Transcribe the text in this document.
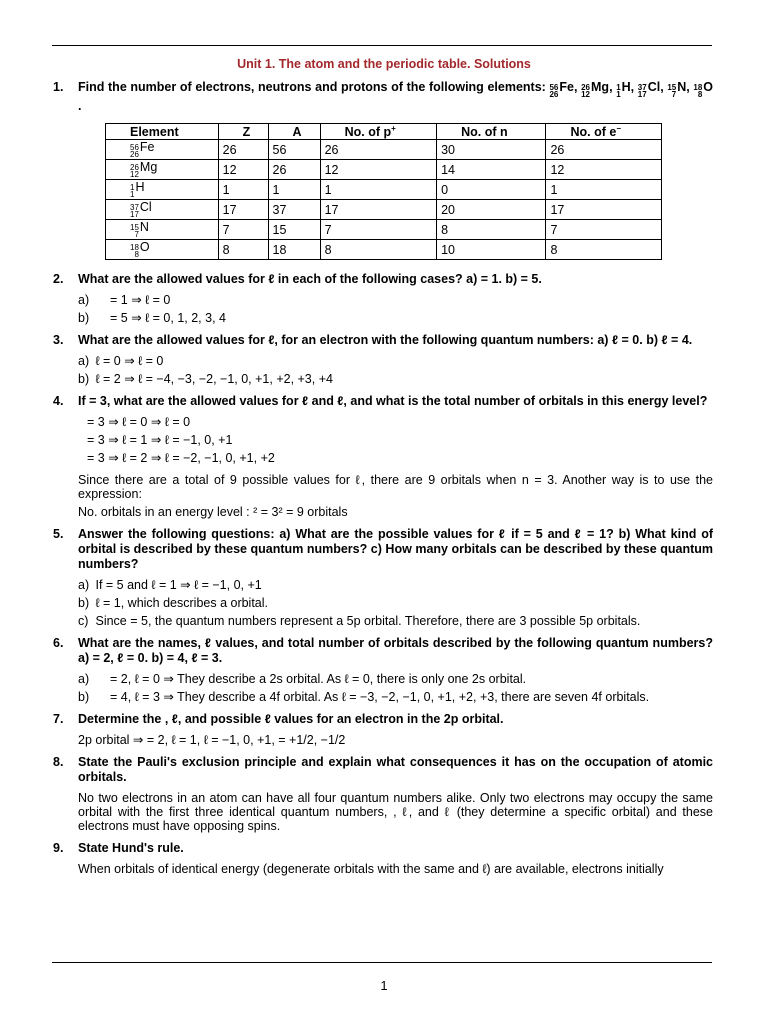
Unit 1. The atom and the periodic table. Solutions
1. Find the number of electrons, neutrons and protons of the following elements: 56
26
Fe , 26
12
Mg , 1
1
H , 37
17
Cl , 15
7
N , 18
8
O
.
Element	Z	A	No. of p+	No. of n	No. of e−

56
26
Fe	26	56	26	30	26

26
12
Mg	12	26	12	14	12

1
1
H	1	1	1	0	1

37
17
Cl	17	37	17	20	17

15
7
N	7	15	7	8	7

18
8
O	8	18	8	10	8
2. What are the allowed values for ℓ in each of the following cases? a) = 1. b) = 5.
a) = 1 ⇒ ℓ = 0
b) = 5 ⇒ ℓ = 0, 1, 2, 3, 4
3. What are the allowed values for ℓ, for an electron with the following quantum numbers: a) ℓ = 0. b) ℓ = 4.
a) ℓ = 0 ⇒ ℓ = 0
b) ℓ = 2 ⇒ ℓ = −4, −3, −2, −1, 0, +1, +2, +3, +4
4. If = 3, what are the allowed values for ℓ and ℓ, and what is the total number of orbitals in this energy level?
= 3 ⇒ ℓ = 0 ⇒ ℓ = 0
= 3 ⇒ ℓ = 1 ⇒ ℓ = −1, 0, +1
= 3 ⇒ ℓ = 2 ⇒ ℓ = −2, −1, 0, +1, +2
Since there are a total of 9 possible values for ℓ, there are 9 orbitals when n = 3. Another way is to use the expression:
No. orbitals in an energy level : ² = 3² = 9 orbitals
5. Answer the following questions: a) What are the possible values for ℓ if = 5 and ℓ = 1? b) What kind of orbital is described by these quantum numbers? c) How many orbitals can be described by these quantum numbers?
a) If = 5 and ℓ = 1 ⇒ ℓ = −1, 0, +1
b) ℓ = 1, which describes a orbital.
c) Since = 5, the quantum numbers represent a 5p orbital. Therefore, there are 3 possible 5p orbitals.
6. What are the names, ℓ values, and total number of orbitals described by the following quantum numbers? a) = 2, ℓ = 0. b) = 4, ℓ = 3.
a) = 2, ℓ = 0 ⇒ They describe a 2s orbital. As ℓ = 0, there is only one 2s orbital.
b) = 4, ℓ = 3 ⇒ They describe a 4f orbital. As ℓ = −3, −2, −1, 0, +1, +2, +3, there are seven 4f orbitals.
7. Determine the , ℓ, and possible ℓ values for an electron in the 2p orbital.
2p orbital ⇒ = 2, ℓ = 1, ℓ = −1, 0, +1, = +1/2, −1/2
8. State the Pauli's exclusion principle and explain what consequences it has on the occupation of atomic orbitals.
No two electrons in an atom can have all four quantum numbers alike. Only two electrons may occupy the same orbital with the first three identical quantum numbers, , ℓ, and ℓ (they determine a specific orbital) and these electrons must have opposing spins.
9. State Hund's rule.
When orbitals of identical energy (degenerate orbitals with the same and ℓ) are available, electrons initially
1
